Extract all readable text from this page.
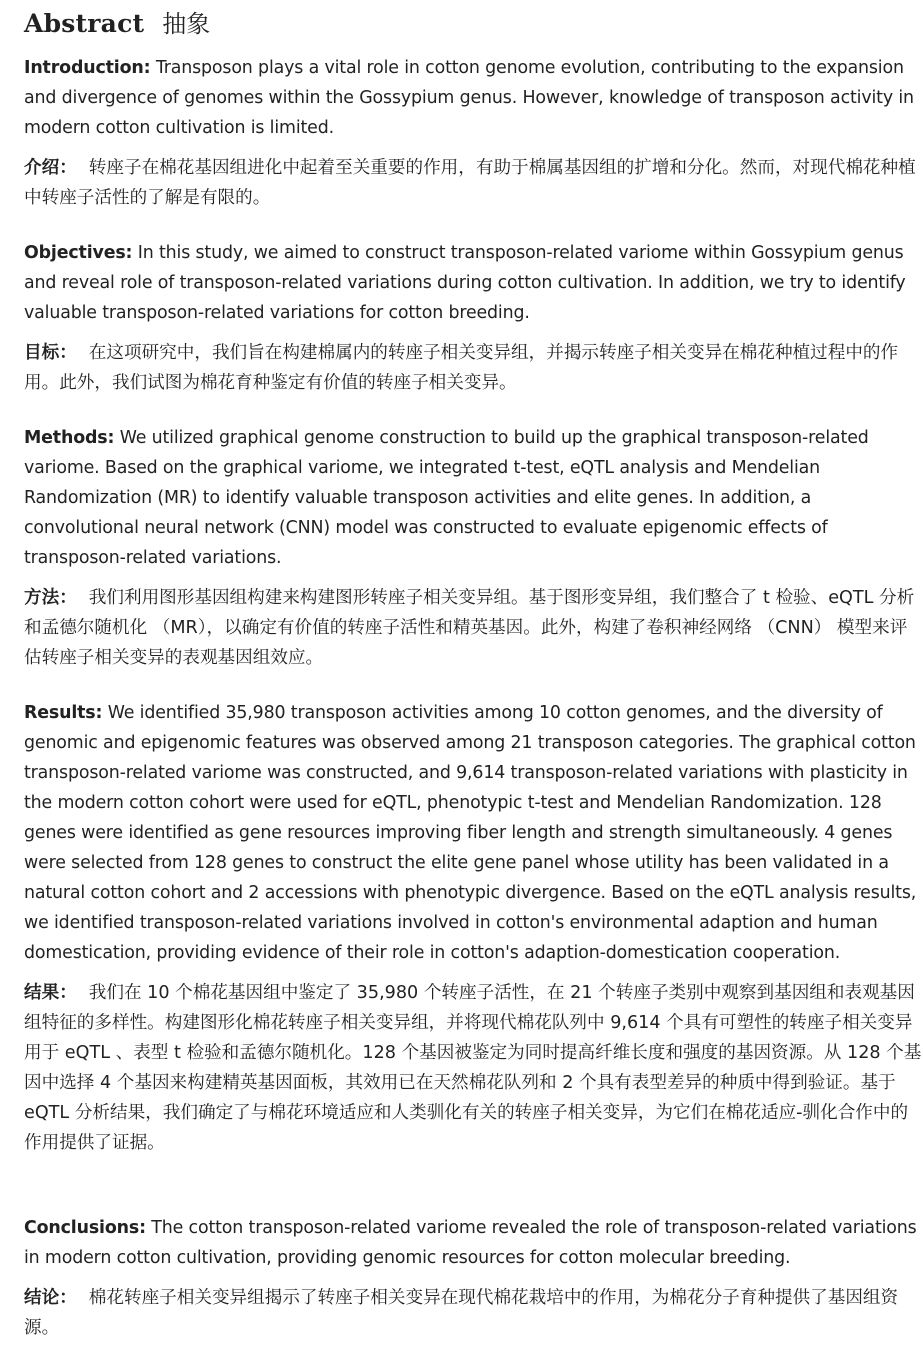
Abstract 抽象

Introduction: Transposon plays a vital role in cotton genome evolution, contributing to the expansion and divergence of genomes within the Gossypium genus. However, knowledge of transposon activity in modern cotton cultivation is limited.

介绍： 转座子在棉花基因组进化中起着至关重要的作用，有助于棉属基因组的扩增和分化。然而，对现代棉花种植中转座子活性的了解是有限的。

Objectives: In this study, we aimed to construct transposon-related variome within Gossypium genus and reveal role of transposon-related variations during cotton cultivation. In addition, we try to identify valuable transposon-related variations for cotton breeding.

目标： 在这项研究中，我们旨在构建棉属内的转座子相关变异组，并揭示转座子相关变异在棉花种植过程中的作用。此外，我们试图为棉花育种鉴定有价值的转座子相关变异。

Methods: We utilized graphical genome construction to build up the graphical transposon-related variome. Based on the graphical variome, we integrated t-test, eQTL analysis and Mendelian Randomization (MR) to identify valuable transposon activities and elite genes. In addition, a convolutional neural network (CNN) model was constructed to evaluate epigenomic effects of transposon-related variations.

方法： 我们利用图形基因组构建来构建图形转座子相关变异组。基于图形变异组，我们整合了 t 检验、eQTL 分析和孟德尔随机化 （MR），以确定有价值的转座子活性和精英基因。此外，构建了卷积神经网络 （CNN） 模型来评估转座子相关变异的表观基因组效应。

Results: We identified 35,980 transposon activities among 10 cotton genomes, and the diversity of genomic and epigenomic features was observed among 21 transposon categories. The graphical cotton transposon-related variome was constructed, and 9,614 transposon-related variations with plasticity in the modern cotton cohort were used for eQTL, phenotypic t-test and Mendelian Randomization. 128 genes were identified as gene resources improving fiber length and strength simultaneously. 4 genes were selected from 128 genes to construct the elite gene panel whose utility has been validated in a natural cotton cohort and 2 accessions with phenotypic divergence. Based on the eQTL analysis results, we identified transposon-related variations involved in cotton's environmental adaption and human domestication, providing evidence of their role in cotton's adaption-domestication cooperation.

结果： 我们在 10 个棉花基因组中鉴定了 35,980 个转座子活性，在 21 个转座子类别中观察到基因组和表观基因组特征的多样性。构建图形化棉花转座子相关变异组，并将现代棉花队列中 9,614 个具有可塑性的转座子相关变异用于 eQTL 、表型 t 检验和孟德尔随机化。128 个基因被鉴定为同时提高纤维长度和强度的基因资源。从 128 个基因中选择 4 个基因来构建精英基因面板，其效用已在天然棉花队列和 2 个具有表型差异的种质中得到验证。基于 eQTL 分析结果，我们确定了与棉花环境适应和人类驯化有关的转座子相关变异，为它们在棉花适应-驯化合作中的作用提供了证据。

Conclusions: The cotton transposon-related variome revealed the role of transposon-related variations in modern cotton cultivation, providing genomic resources for cotton molecular breeding.

结论： 棉花转座子相关变异组揭示了转座子相关变异在现代棉花栽培中的作用，为棉花分子育种提供了基因组资源。
